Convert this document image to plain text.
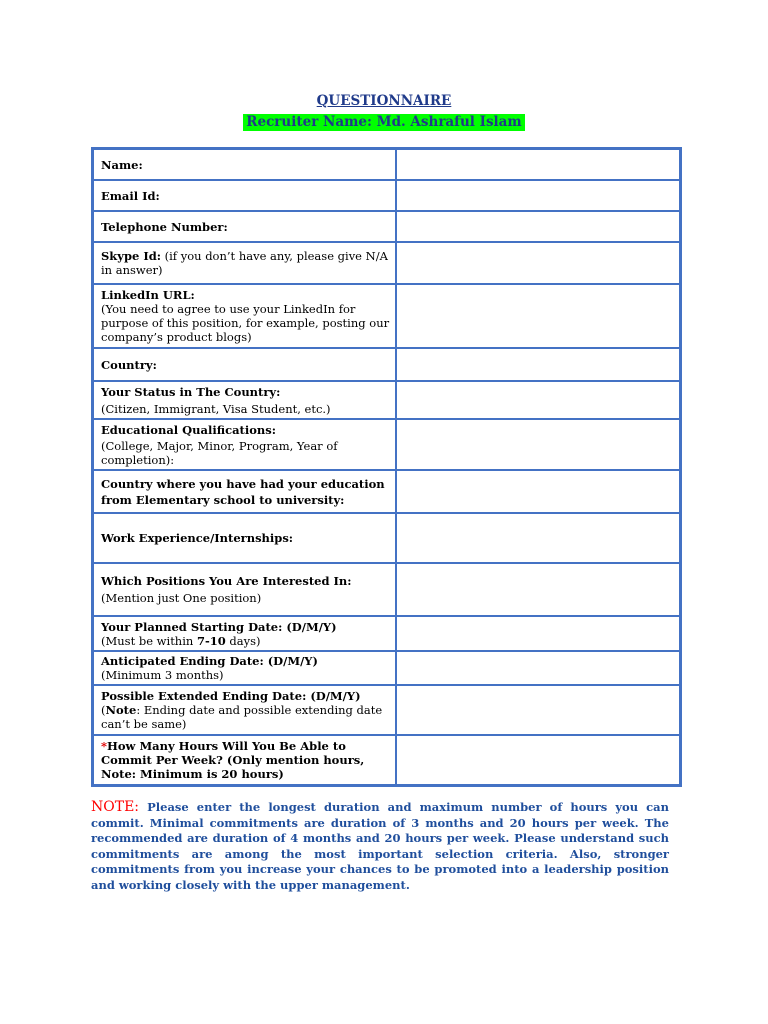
QUESTIONNAIRE
Recruiter Name: Md. Ashraful Islam
Name:	
Email Id:	
Telephone Number:	
Skype Id: (if you don’t have any, please give N/A in answer)	

LinkedIn URL:
(You need to agree to use your LinkedIn for purpose of this position, for example, posting our company’s product blogs)	

Country:	

Your Status in The Country:
(Citizen, Immigrant, Visa Student, etc.)	

Educational Qualifications:
(College, Major, Minor, Program, Year of completion):	

Country where you have had your education from Elementary school to university:	
Work Experience/Internships:	

Which Positions You Are Interested In:
(Mention just One position)	

Your Planned Starting Date: (D/M/Y)
(Must be within 7-10 days)	

Anticipated Ending Date: (D/M/Y)
(Minimum 3 months)	

Possible Extended Ending Date: (D/M/Y)
(Note: Ending date and possible extending date can’t be same)	

*How Many Hours Will You Be Able to Commit Per Week? (Only mention hours, Note: Minimum is 20 hours)	
NOTE: Please enter the longest duration and maximum number of hours you can commit. Minimal commitments are duration of 3 months and 20 hours per week. The recommended are duration of 4 months and 20 hours per week. Please understand such commitments are among the most important selection criteria. Also, stronger commitments from you increase your chances to be promoted into a leadership position and working closely with the upper management.
